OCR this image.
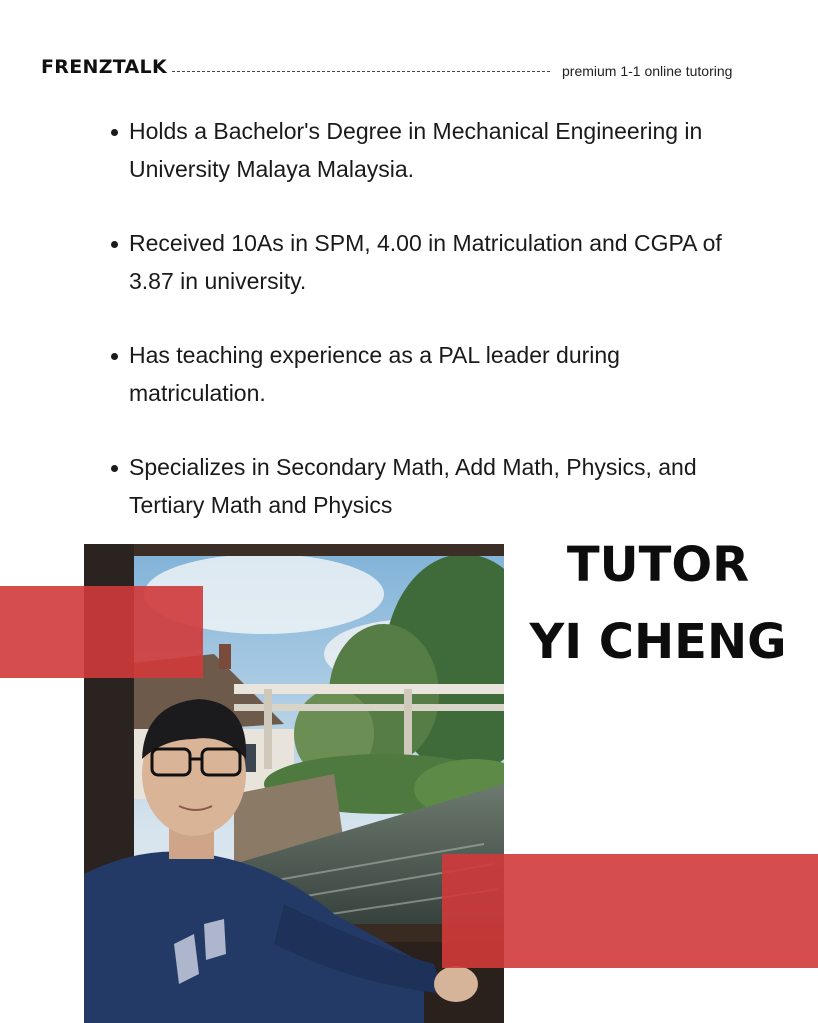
FRENZTALK	premium 1-1 online tutoring
Holds a Bachelor's Degree in Mechanical Engineering in University Malaya Malaysia.
Received 10As in SPM, 4.00 in Matriculation and CGPA of 3.87 in university.
Has teaching experience as a PAL leader during matriculation.
Specializes in Secondary Math, Add Math, Physics, and Tertiary Math and Physics
TUTOR
YI CHENG
